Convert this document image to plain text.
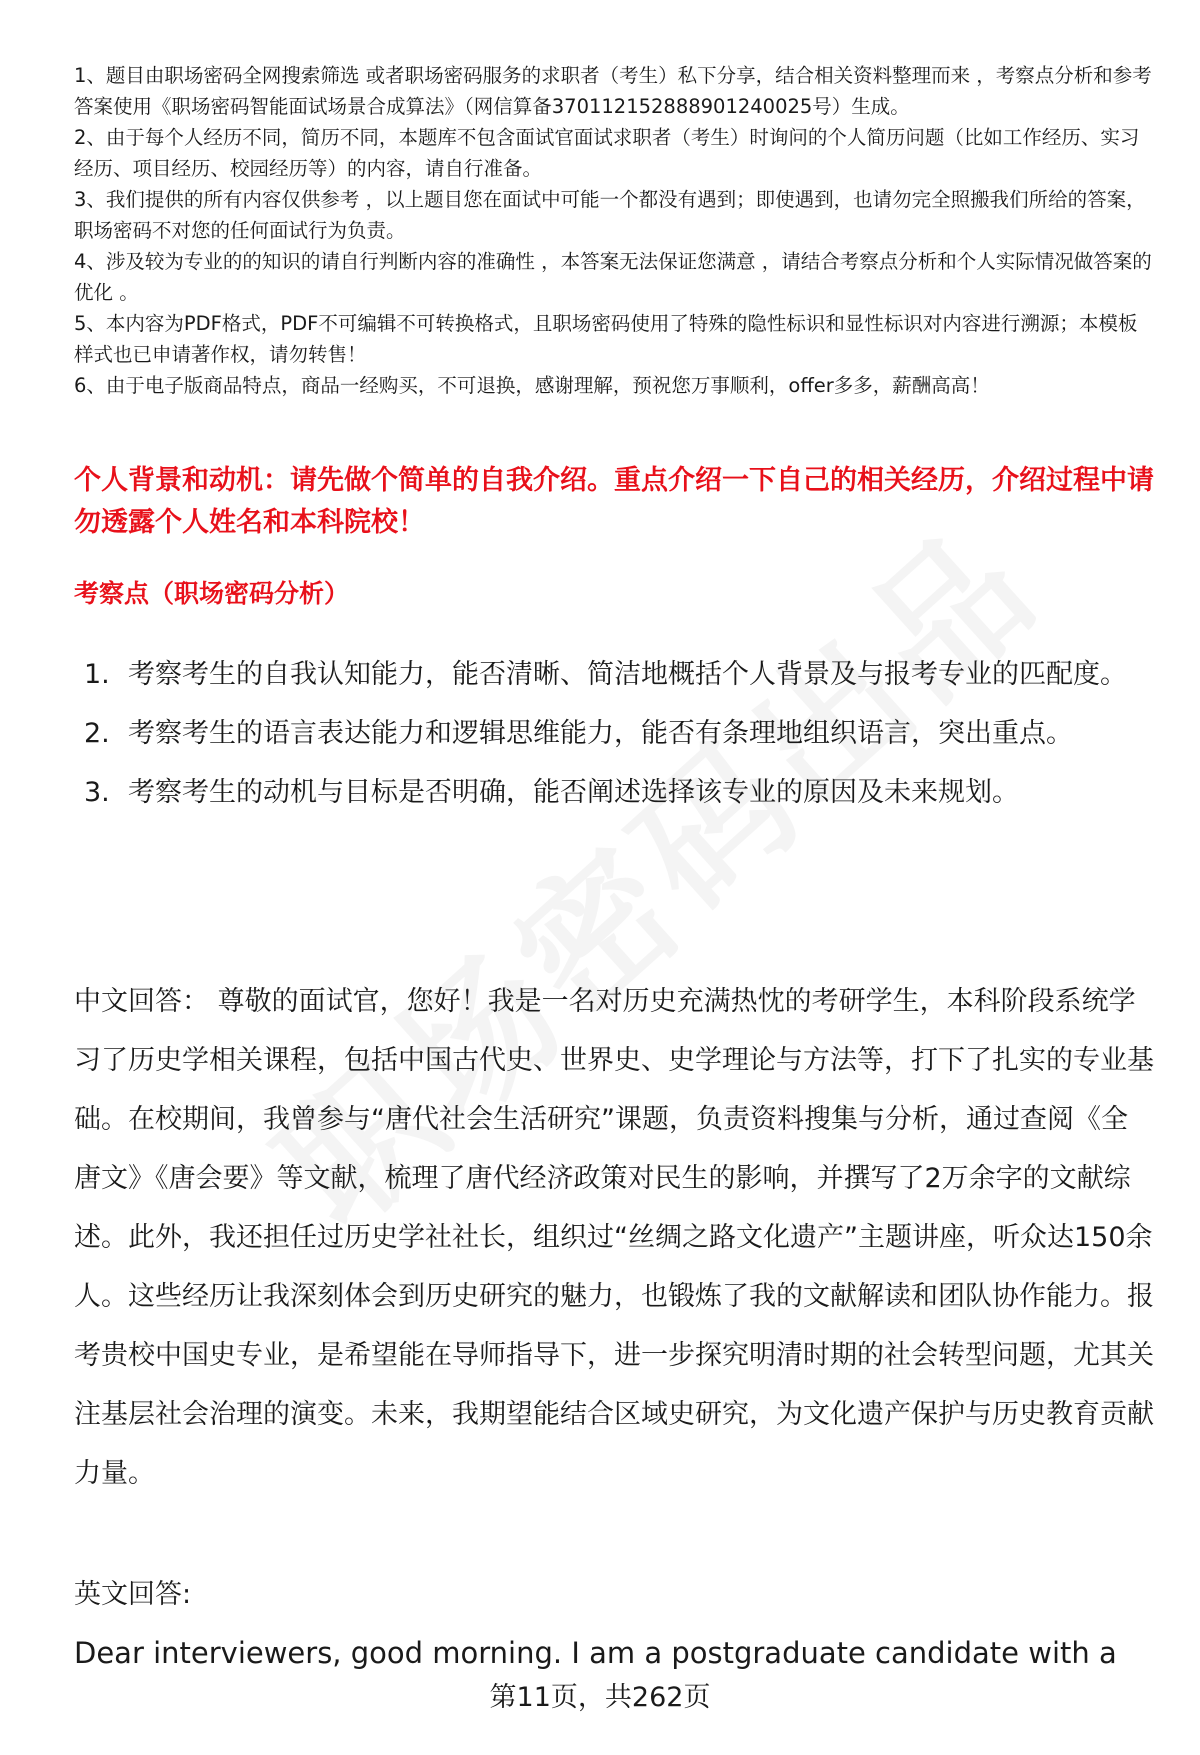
1、题目由职场密码全网搜索筛选 或者职场密码服务的求职者（考生）私下分享，结合相关资料整理而来 ，考察点分析和参考答案使用《职场密码智能面试场景合成算法》（网信算备370112152888901240025号）生成。

2、由于每个人经历不同，简历不同，本题库不包含面试官面试求职者（考生）时询问的个人简历问题（比如工作经历、实习经历、项目经历、校园经历等）的内容，请自行准备。

3、我们提供的所有内容仅供参考 ，以上题目您在面试中可能一个都没有遇到；即使遇到，也请勿完全照搬我们所给的答案，职场密码不对您的任何面试行为负责。

4、涉及较为专业的的知识的请自行判断内容的准确性 ，本答案无法保证您满意 ，请结合考察点分析和个人实际情况做答案的优化 。

5、本内容为PDF格式，PDF不可编辑不可转换格式，且职场密码使用了特殊的隐性标识和显性标识对内容进行溯源；本模板样式也已申请著作权，请勿转售！

6、由于电子版商品特点，商品一经购买，不可退换，感谢理解，预祝您万事顺利，offer多多，薪酬高高！

个人背景和动机：请先做个简单的自我介绍。重点介绍一下自己的相关经历，介绍过程中请勿透露个人姓名和本科院校！
考察点（职场密码分析）
1. 考察考生的自我认知能力，能否清晰、简洁地概括个人背景及与报考专业的匹配度。
2. 考察考生的语言表达能力和逻辑思维能力，能否有条理地组织语言，突出重点。
3. 考察考生的动机与目标是否明确，能否阐述选择该专业的原因及未来规划。

中文回答： 尊敬的面试官，您好！我是一名对历史充满热忱的考研学生，本科阶段系统学习了历史学相关课程，包括中国古代史、世界史、史学理论与方法等，打下了扎实的专业基础。在校期间，我曾参与“唐代社会生活研究”课题，负责资料搜集与分析，通过查阅《全唐文》《唐会要》等文献，梳理了唐代经济政策对民生的影响，并撰写了2万余字的文献综述。此外，我还担任过历史学社社长，组织过“丝绸之路文化遗产”主题讲座，听众达150余人。这些经历让我深刻体会到历史研究的魅力，也锻炼了我的文献解读和团队协作能力。报考贵校中国史专业，是希望能在导师指导下，进一步探究明清时期的社会转型问题，尤其关注基层社会治理的演变。未来，我期望能结合区域史研究，为文化遗产保护与历史教育贡献力量。

英文回答:
Dear interviewers, good morning. I am a postgraduate candidate with a
第11页，共262页
